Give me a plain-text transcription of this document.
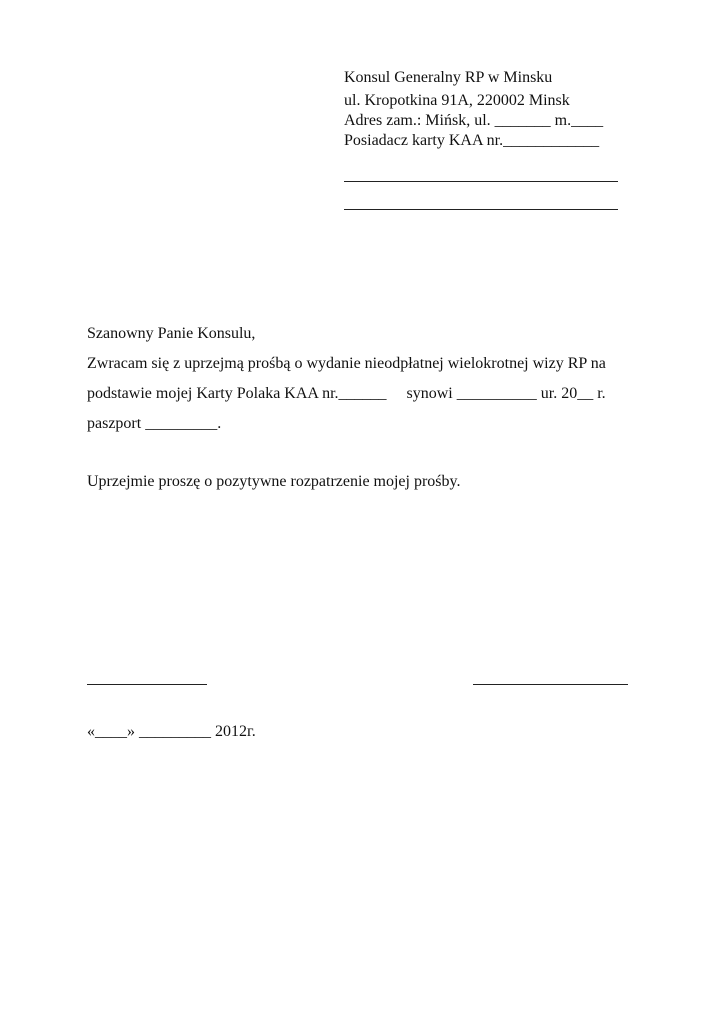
Konsul Generalny RP w Minsku
ul. Kropotkina 91A, 220002 Minsk
Adres zam.: Mińsk, ul. _______ m.____
Posiadacz karty KAA nr.____________
Szanowny Panie Konsulu,
Zwracam się z uprzejmą prośbą o wydanie nieodpłatnej wielokrotnej wizy RP na
podstawie mojej Karty Polaka KAA nr.______     synowi __________ ur. 20__ r.
paszport _________.
Uprzejmie proszę o pozytywne rozpatrzenie mojej prośby.
«____» _________ 2012г.
